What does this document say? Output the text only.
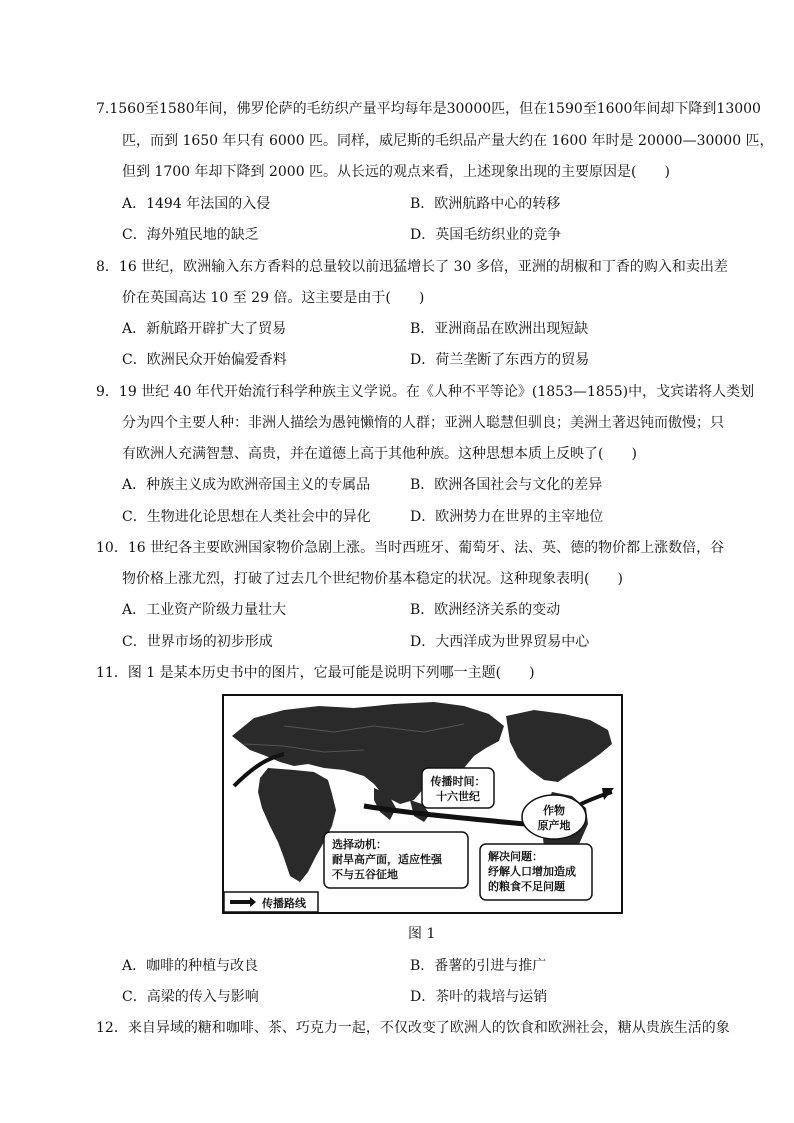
7.1560至1580年间，佛罗伦萨的毛纺织产量平均每年是30000匹，但在1590至1600年间却下降到13000
匹，而到 1650 年只有 6000 匹。同样，威尼斯的毛织品产量大约在 1600 年时是 20000—30000 匹，
但到 1700 年却下降到 2000 匹。从长远的观点来看，上述现象出现的主要原因是(　　)
A．1494 年法国的入侵	B．欧洲航路中心的转移
C．海外殖民地的缺乏	D．英国毛纺织业的竞争
8．16 世纪，欧洲输入东方香料的总量较以前迅猛增长了 30 多倍，亚洲的胡椒和丁香的购入和卖出差
价在英国高达 10 至 29 倍。这主要是由于(　　)
A．新航路开辟扩大了贸易	B．亚洲商品在欧洲出现短缺
C．欧洲民众开始偏爱香料	D．荷兰垄断了东西方的贸易
9．19 世纪 40 年代开始流行科学种族主义学说。在《人种不平等论》(1853—1855)中，戈宾诺将人类划
分为四个主要人种：非洲人描绘为愚钝懒惰的人群；亚洲人聪慧但驯良；美洲土著迟钝而傲慢；只
有欧洲人充满智慧、高贵，并在道德上高于其他种族。这种思想本质上反映了(　　)
A．种族主义成为欧洲帝国主义的专属品	B．欧洲各国社会与文化的差异
C．生物进化论思想在人类社会中的异化	D．欧洲势力在世界的主宰地位
10．16 世纪各主要欧洲国家物价急剧上涨。当时西班牙、葡萄牙、法、英、德的物价都上涨数倍，谷
物价格上涨尤烈，打破了过去几个世纪物价基本稳定的状况。这种现象表明(　　)
A．工业资产阶级力量壮大	B．欧洲经济关系的变动
C．世界市场的初步形成	D．大西洋成为世界贸易中心
11．图 1 是某本历史书中的图片，它最可能是说明下列哪一主题(　　)
传播时间：
十六世纪
作物
原产地
选择动机：
耐旱高产面，适应性强
不与五谷征地
解决问题：
纾解人口增加造成
的粮食不足问题
传播路线
图 1
A．咖啡的种植与改良	B．番薯的引进与推广
C．高梁的传入与影响	D．茶叶的栽培与运销
12．来自异域的糖和咖啡、茶、巧克力一起，不仅改变了欧洲人的饮食和欧洲社会，糖从贵族生活的象
